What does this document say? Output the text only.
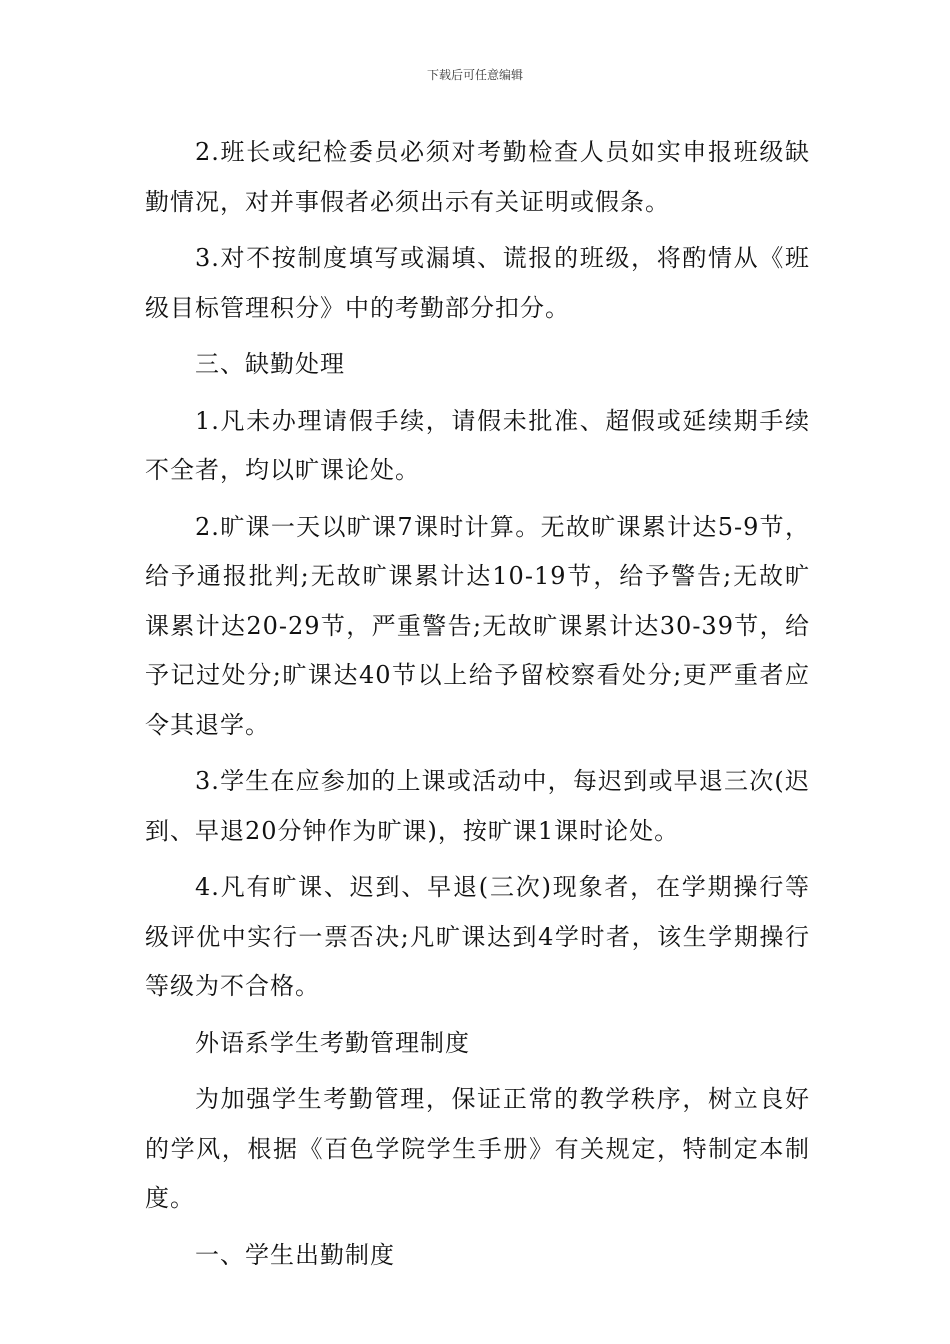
下载后可任意编辑

2.班长或纪检委员必须对考勤检查人员如实申报班级缺勤情况，对并事假者必须出示有关证明或假条。

3.对不按制度填写或漏填、谎报的班级，将酌情从《班级目标管理积分》中的考勤部分扣分。

三、缺勤处理

1.凡未办理请假手续，请假未批准、超假或延续期手续不全者，均以旷课论处。

2.旷课一天以旷课7课时计算。无故旷课累计达5-9节，给予通报批判;无故旷课累计达10-19节，给予警告;无故旷课累计达20-29节，严重警告;无故旷课累计达30-39节，给予记过处分;旷课达40节以上给予留校察看处分;更严重者应令其退学。

3.学生在应参加的上课或活动中，每迟到或早退三次(迟到、早退20分钟作为旷课)，按旷课1课时论处。

4.凡有旷课、迟到、早退(三次)现象者，在学期操行等级评优中实行一票否决;凡旷课达到4学时者，该生学期操行等级为不合格。

外语系学生考勤管理制度

为加强学生考勤管理，保证正常的教学秩序，树立良好的学风，根据《百色学院学生手册》有关规定，特制定本制度。

一、学生出勤制度
